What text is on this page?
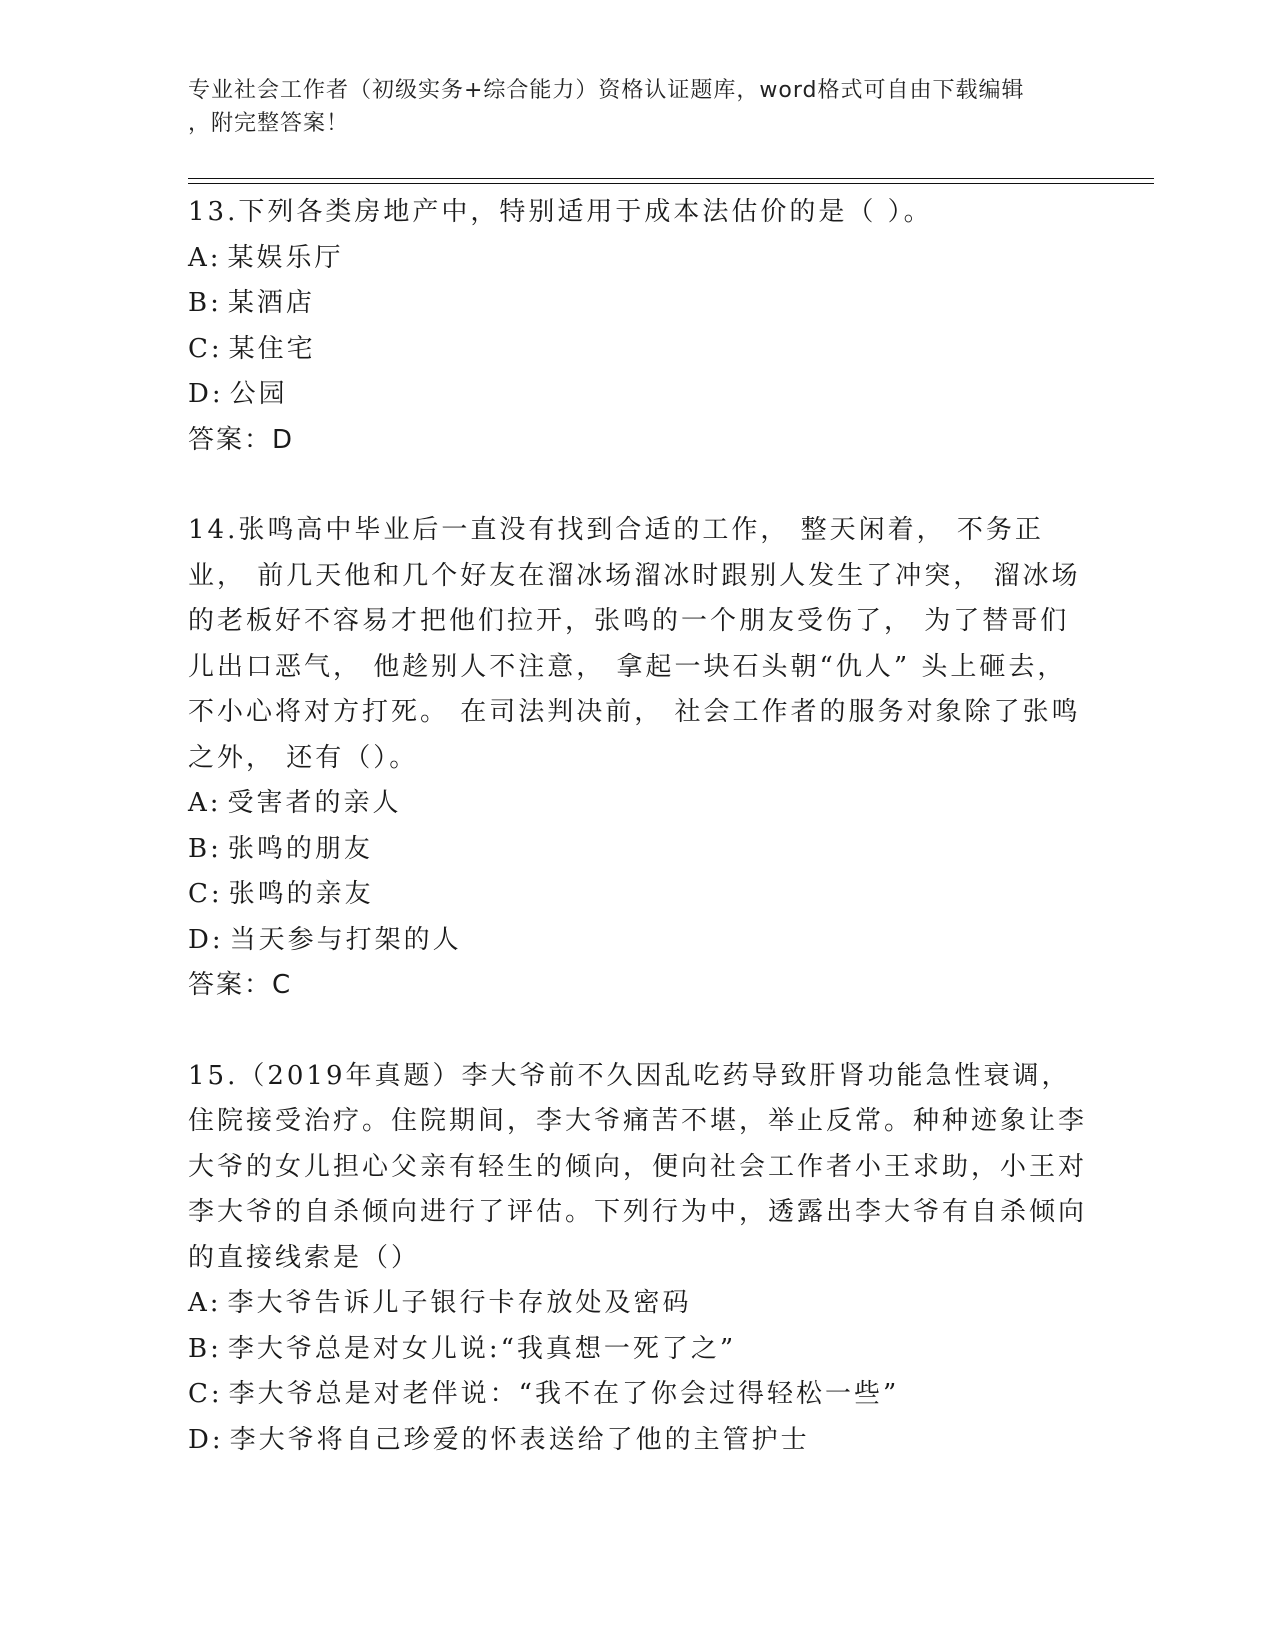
专业社会工作者（初级实务+综合能力）资格认证题库，word格式可自由下载编辑
，附完整答案！

13.下列各类房地产中，特别适用于成本法估价的是（ ）。

A: 某娱乐厅

B: 某酒店

C: 某住宅

D: 公园

答案：D

14.张鸣高中毕业后一直没有找到合适的工作， 整天闲着， 不务正业， 前几天他和几个好友在溜冰场溜冰时跟别人发生了冲突， 溜冰场的老板好不容易才把他们拉开，张鸣的一个朋友受伤了， 为了替哥们儿出口恶气， 他趁别人不注意， 拿起一块石头朝“仇人” 头上砸去， 不小心将对方打死。 在司法判决前， 社会工作者的服务对象除了张鸣之外， 还有（）。

A: 受害者的亲人

B: 张鸣的朋友

C: 张鸣的亲友

D: 当天参与打架的人

答案：C

15.（2019年真题）李大爷前不久因乱吃药导致肝肾功能急性衰调，住院接受治疗。住院期间，李大爷痛苦不堪，举止反常。种种迹象让李大爷的女儿担心父亲有轻生的倾向，便向社会工作者小王求助，小王对李大爷的自杀倾向进行了评估。下列行为中，透露出李大爷有自杀倾向的直接线索是（）

A: 李大爷告诉儿子银行卡存放处及密码

B: 李大爷总是对女儿说:“我真想一死了之”

C: 李大爷总是对老伴说：“我不在了你会过得轻松一些”

D: 李大爷将自己珍爱的怀表送给了他的主管护士
